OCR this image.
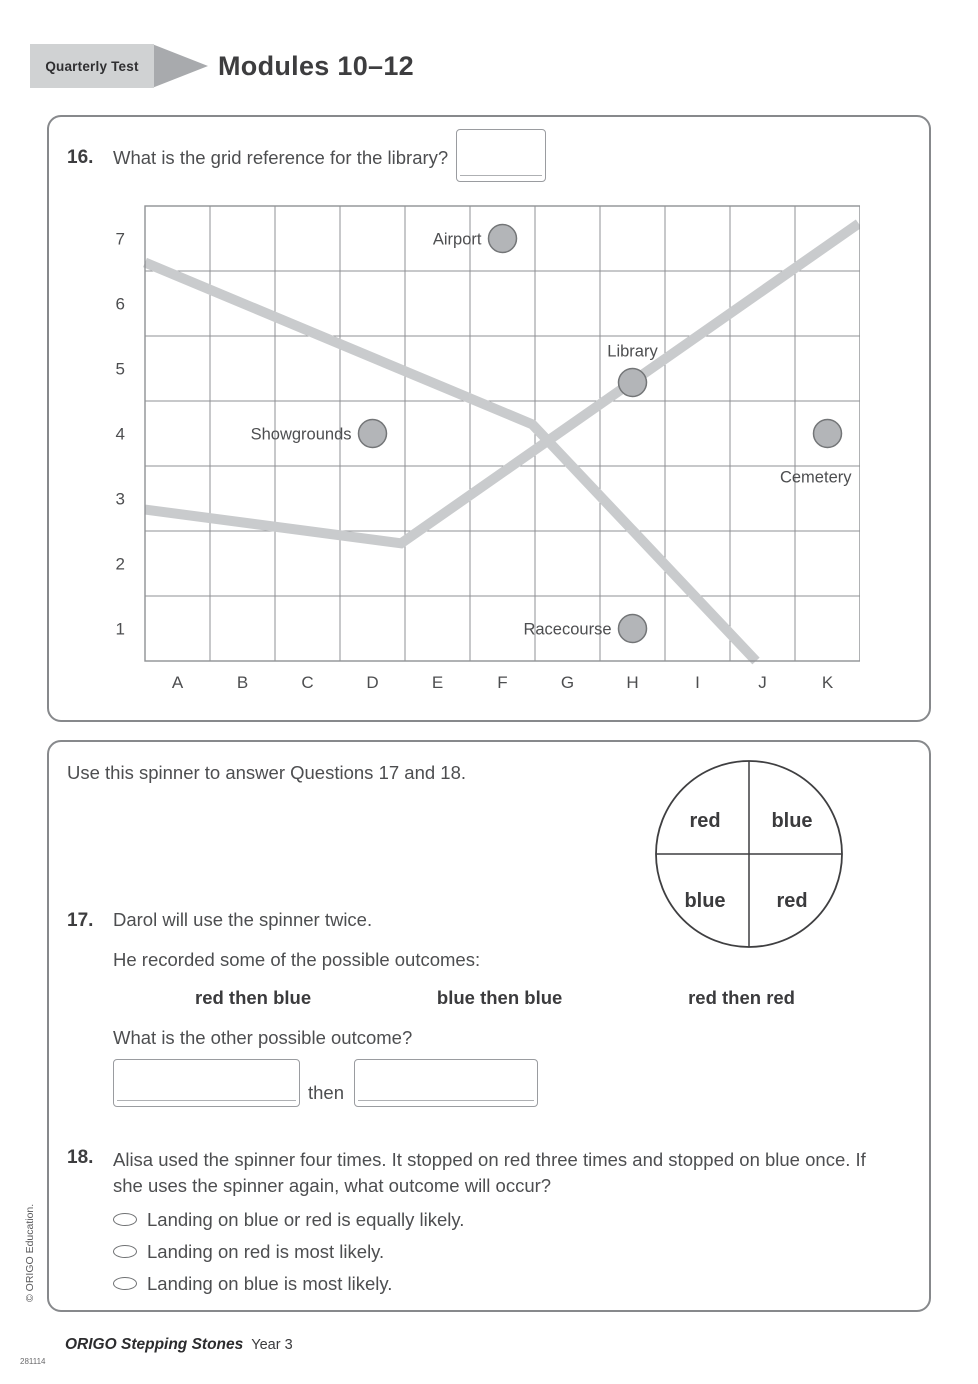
Quarterly Test	Modules 10–12
16.	What is the grid reference for the library?
7
6
5
4
3
2
1
A	B	C	D	E	F	G	H	I	J	K
Airport
Library
Showgrounds
Cemetery
Racecourse
Use this spinner to answer Questions 17 and 18.
red	blue
blue	red
17.	Darol will use the spinner twice.
He recorded some of the possible outcomes:
red then blue	blue then blue	red then red
What is the other possible outcome?
then
18.	Alisa used the spinner four times. It stopped on red three times and stopped on blue once. If she uses the spinner again, what outcome will occur?
Landing on blue or red is equally likely.
Landing on red is most likely.
Landing on blue is most likely.
ORIGO Stepping Stones Year 3
© ORIGO Education.
281114
